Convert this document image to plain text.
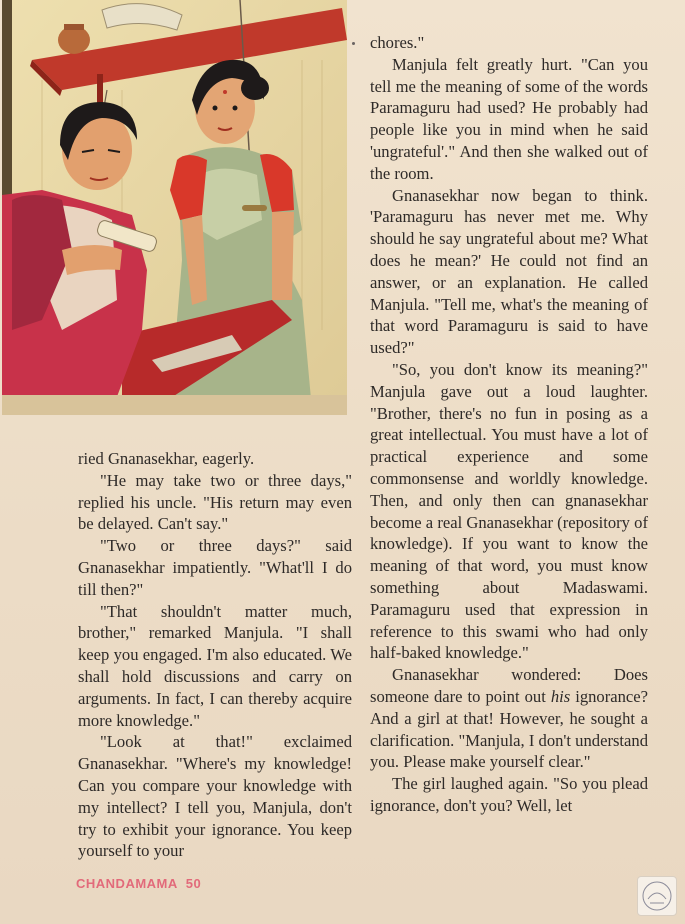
ried Gnanasekhar, eagerly.

"He may take two or three days," replied his uncle. "His return may even be delayed. Can't say."

"Two or three days?" said Gnanasekhar impatiently. "What'll I do till then?"

"That shouldn't matter much, brother," remarked Manjula. "I shall keep you engaged. I'm also educated. We shall hold discussions and carry on arguments. In fact, I can thereby acquire more knowledge."

"Look at that!" exclaimed Gnanasekhar. "Where's my knowledge! Can you compare your knowledge with my intellect? I tell you, Manjula, don't try to exhibit your ignorance. You keep yourself to your

chores."

Manjula felt greatly hurt. "Can you tell me the meaning of some of the words Paramaguru had used? He probably had people like you in mind when he said 'ungrateful'." And then she walked out of the room.

Gnanasekhar now began to think. 'Paramaguru has never met me. Why should he say ungrateful about me? What does he mean?' He could not find an answer, or an explanation. He called Manjula. "Tell me, what's the meaning of that word Paramaguru is said to have used?"

"So, you don't know its meaning?" Manjula gave out a loud laughter. "Brother, there's no fun in posing as a great intellectual. You must have a lot of practical experience and some commonsense and worldly knowledge. Then, and only then can gnanasekhar become a real Gnanasekhar (repository of knowledge). If you want to know the meaning of that word, you must know something about Madaswami. Paramaguru used that expression in reference to this swami who had only half-baked knowledge."

Gnanasekhar wondered: Does someone dare to point out his ignorance? And a girl at that! However, he sought a clarification. "Manjula, I don't understand you. Please make yourself clear."

The girl laughed again. "So you plead ignorance, don't you? Well, let

CHANDAMAMA 50
